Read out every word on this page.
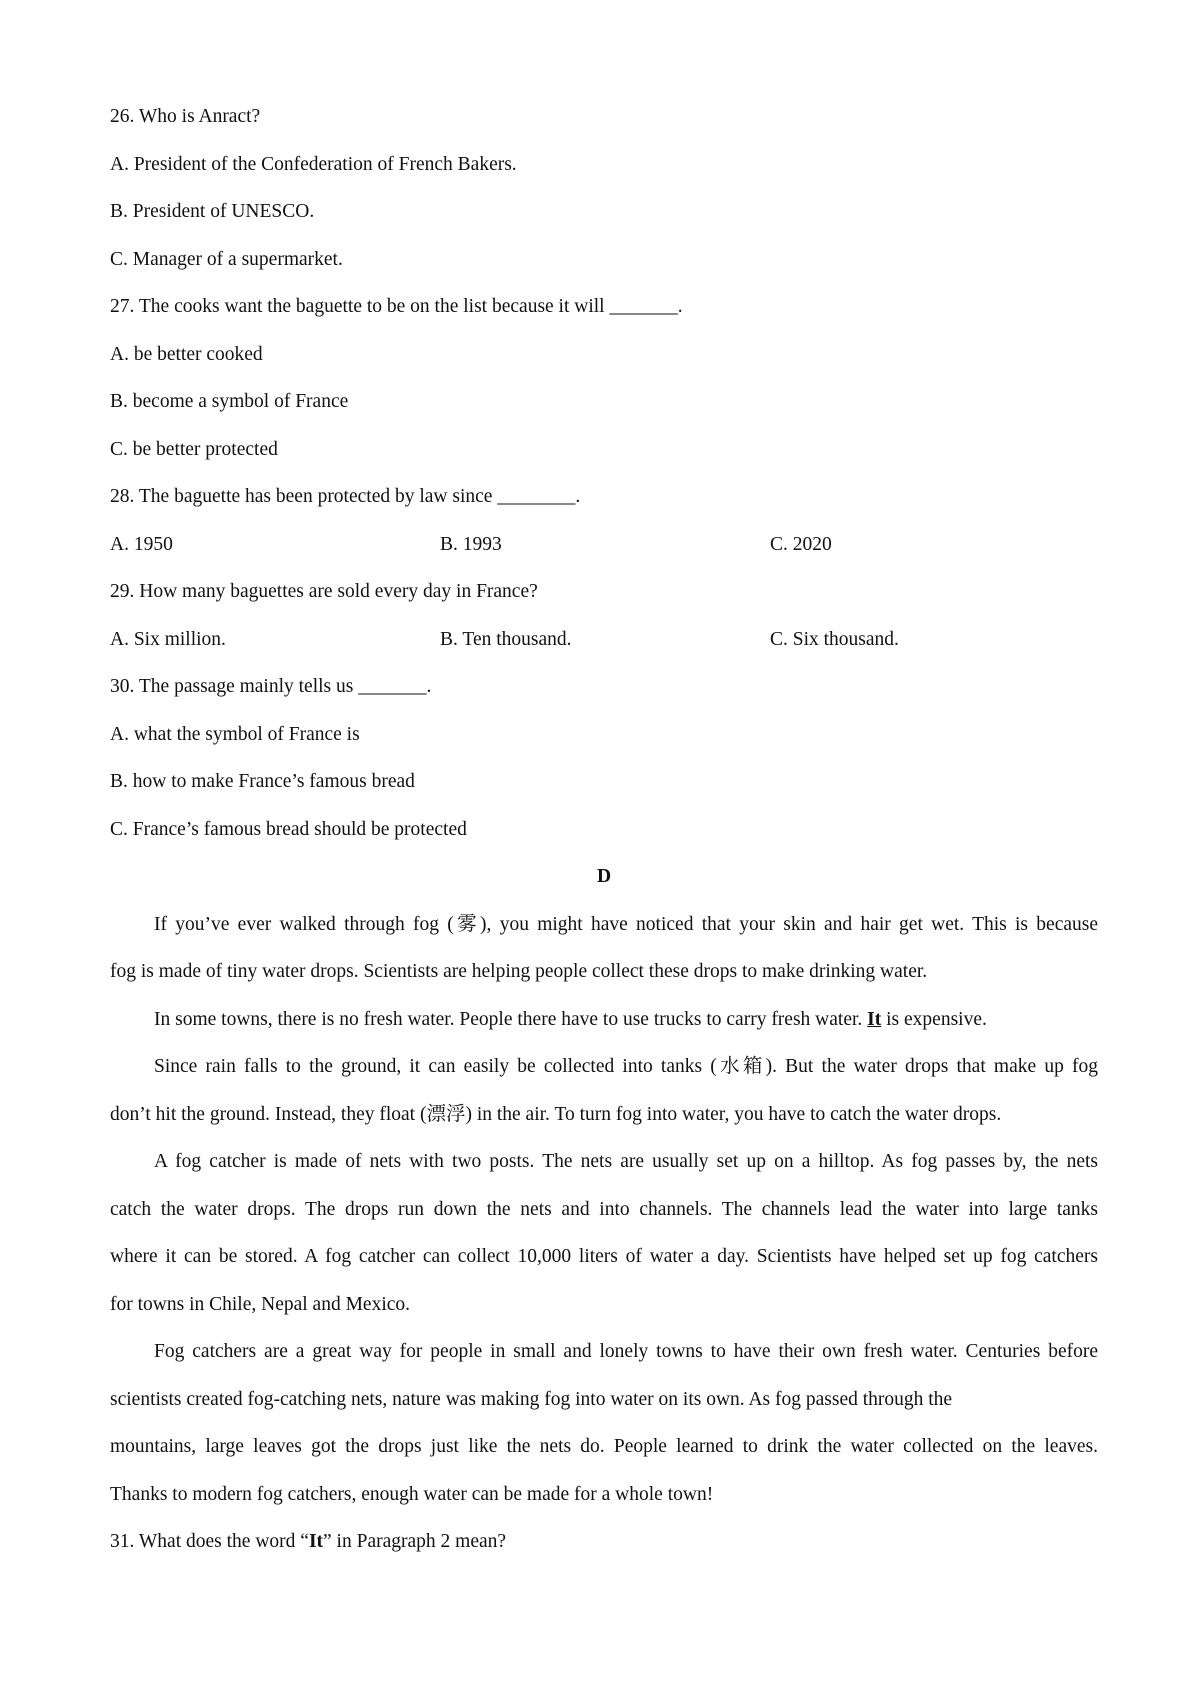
26. Who is Anract?
A. President of the Confederation of French Bakers.
B. President of UNESCO.
C. Manager of a supermarket.
27. The cooks want the baguette to be on the list because it will _______.
A. be better cooked
B. become a symbol of France
C. be better protected
28. The baguette has been protected by law since ________.
A. 1950	B. 1993	C. 2020
29. How many baguettes are sold every day in France?
A. Six million.	B. Ten thousand.	C. Six thousand.
30. The passage mainly tells us _______.
A. what the symbol of France is
B. how to make France’s famous bread
C. France’s famous bread should be protected
D
If you’ve ever walked through fog (雾), you might have noticed that your skin and hair get wet. This is because
fog is made of tiny water drops. Scientists are helping people collect these drops to make drinking water.
In some towns, there is no fresh water. People there have to use trucks to carry fresh water. It is expensive.
Since rain falls to the ground, it can easily be collected into tanks (水箱). But the water drops that make up fog
don’t hit the ground. Instead, they float (漂浮) in the air. To turn fog into water, you have to catch the water drops.
A fog catcher is made of nets with two posts. The nets are usually set up on a hilltop. As fog passes by, the nets
catch the water drops. The drops run down the nets and into channels. The channels lead the water into large tanks
where it can be stored. A fog catcher can collect 10,000 liters of water a day. Scientists have helped set up fog catchers
for towns in Chile, Nepal and Mexico.
Fog catchers are a great way for people in small and lonely towns to have their own fresh water. Centuries before
scientists created fog-catching nets, nature was making fog into water on its own. As fog passed through the
mountains, large leaves got the drops just like the nets do. People learned to drink the water collected on the leaves.
Thanks to modern fog catchers, enough water can be made for a whole town!
31. What does the word “It” in Paragraph 2 mean?
